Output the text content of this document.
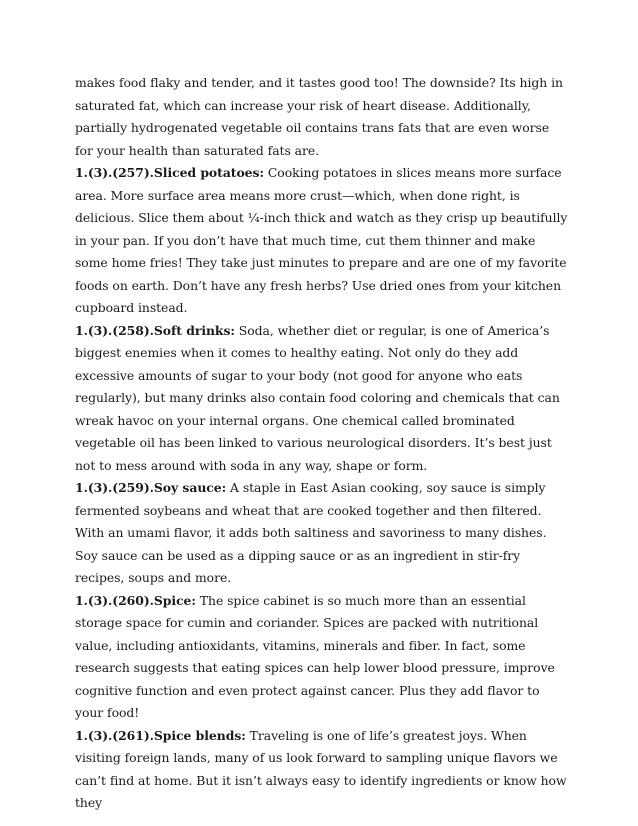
makes food flaky and tender, and it tastes good too! The downside? Its high in saturated fat, which can increase your risk of heart disease. Additionally, partially hydrogenated vegetable oil contains trans fats that are even worse for your health than saturated fats are.

1.(3).(257).Sliced potatoes: Cooking potatoes in slices means more surface area. More surface area means more crust—which, when done right, is delicious. Slice them about ¼-inch thick and watch as they crisp up beautifully in your pan. If you don’t have that much time, cut them thinner and make some home fries! They take just minutes to prepare and are one of my favorite foods on earth. Don’t have any fresh herbs? Use dried ones from your kitchen cupboard instead.

1.(3).(258).Soft drinks: Soda, whether diet or regular, is one of America’s biggest enemies when it comes to healthy eating. Not only do they add excessive amounts of sugar to your body (not good for anyone who eats regularly), but many drinks also contain food coloring and chemicals that can wreak havoc on your internal organs. One chemical called brominated vegetable oil has been linked to various neurological disorders. It’s best just not to mess around with soda in any way, shape or form.

1.(3).(259).Soy sauce: A staple in East Asian cooking, soy sauce is simply fermented soybeans and wheat that are cooked together and then filtered. With an umami flavor, it adds both saltiness and savoriness to many dishes. Soy sauce can be used as a dipping sauce or as an ingredient in stir-fry recipes, soups and more.

1.(3).(260).Spice: The spice cabinet is so much more than an essential storage space for cumin and coriander. Spices are packed with nutritional value, including antioxidants, vitamins, minerals and fiber. In fact, some research suggests that eating spices can help lower blood pressure, improve cognitive function and even protect against cancer. Plus they add flavor to your food!

1.(3).(261).Spice blends: Traveling is one of life’s greatest joys. When visiting foreign lands, many of us look forward to sampling unique flavors we can’t find at home. But it isn’t always easy to identify ingredients or know how they
